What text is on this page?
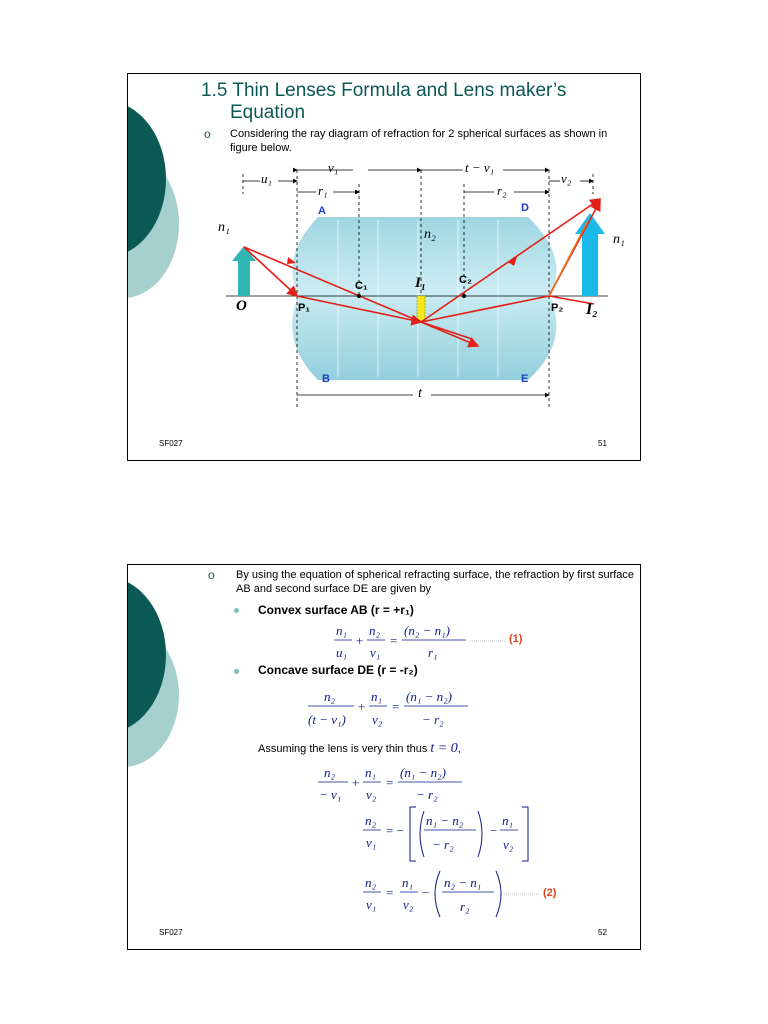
1.5 Thin Lenses Formula and Lens maker’s
Equation
o Considering the ray diagram of refraction for 2 spherical surfaces as shown in figure below.
v₁	t − v₁
u₁	v₂
r₁	r₂
t
A	D
B	E
n₁	n₂	n₁
C₁	C₂
I₁
I₂
O	P₁	P₂
SF027	51
o By using the equation of spherical refracting surface, the refraction by first surface AB and second surface DE are given by
Convex surface AB (r = +r₁)
n₁
u₁
+
n₂
v₁
=
(n₂ − n₁)
r₁
(1)
Concave surface DE (r = -r₂)
n₂
(t − v₁)
+
n₁
v₂
=
(n₁ − n₂)
− r₂
Assuming the lens is very thin thus t = 0,
n₂
− v₁
+
n₁
v₂
=
(n₁ − n₂)
− r₂
n₂
v₁
= −
n₁ − n₂
− r₂
−
n₁
v₂
n₂
v₁
=
n₁
v₂
−
n₂ − n₁
r₂
(2)
SF027	52
